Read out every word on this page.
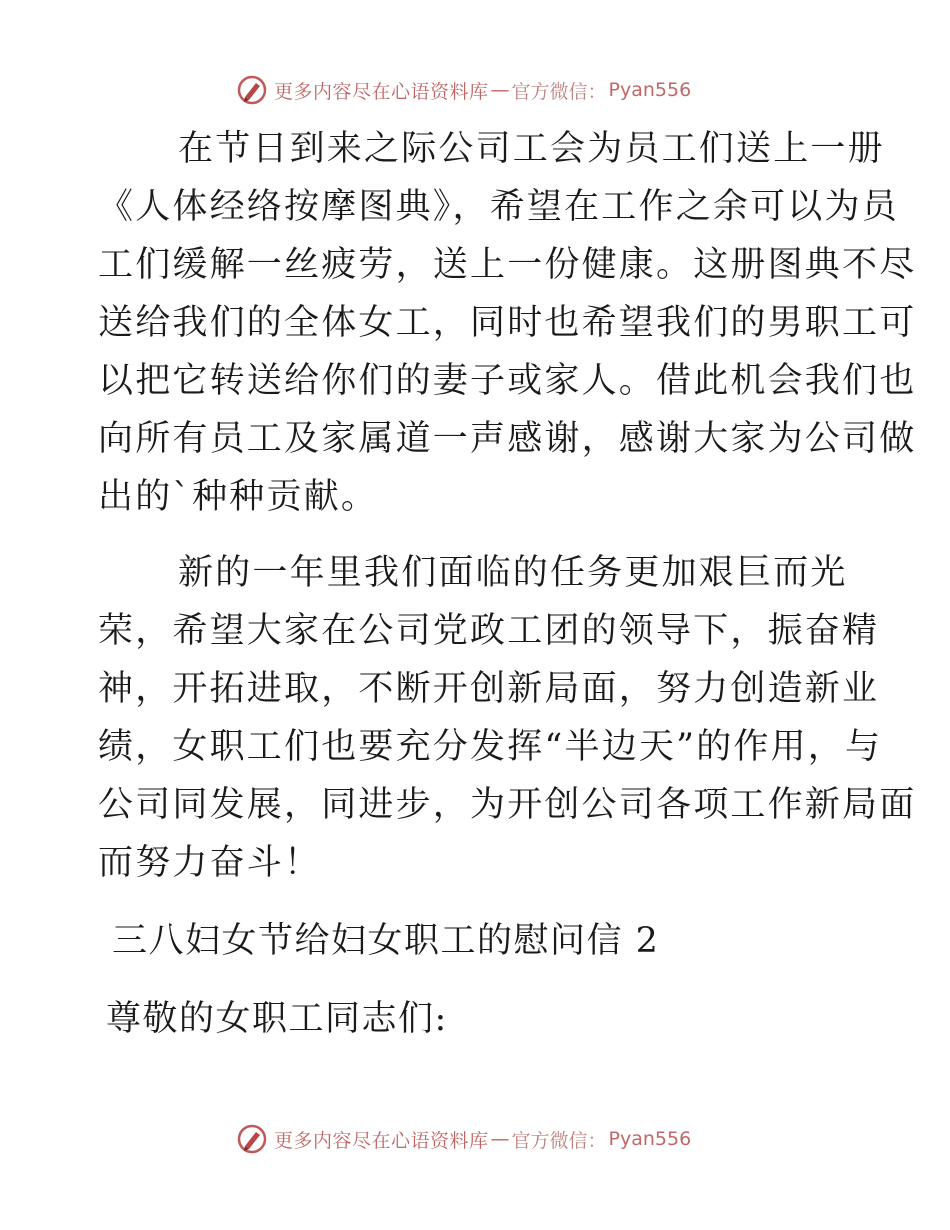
更多内容尽在心语资料库 — 官方微信： Pyan556

在节日到来之际公司工会为员工们送上一册
《人体经络按摩图典》，希望在工作之余可以为员
工们缓解一丝疲劳，送上一份健康。这册图典不尽
送给我们的全体女工，同时也希望我们的男职工可
以把它转送给你们的妻子或家人。借此机会我们也
向所有员工及家属道一声感谢，感谢大家为公司做
出的`种种贡献。

新的一年里我们面临的任务更加艰巨而光
荣，希望大家在公司党政工团的领导下，振奋精
神，开拓进取，不断开创新局面，努力创造新业
绩，女职工们也要充分发挥“半边天”的作用，与
公司同发展，同进步，为开创公司各项工作新局面
而努力奋斗！

三八妇女节给妇女职工的慰问信 2
尊敬的女职工同志们:
更多内容尽在心语资料库 — 官方微信： Pyan556
